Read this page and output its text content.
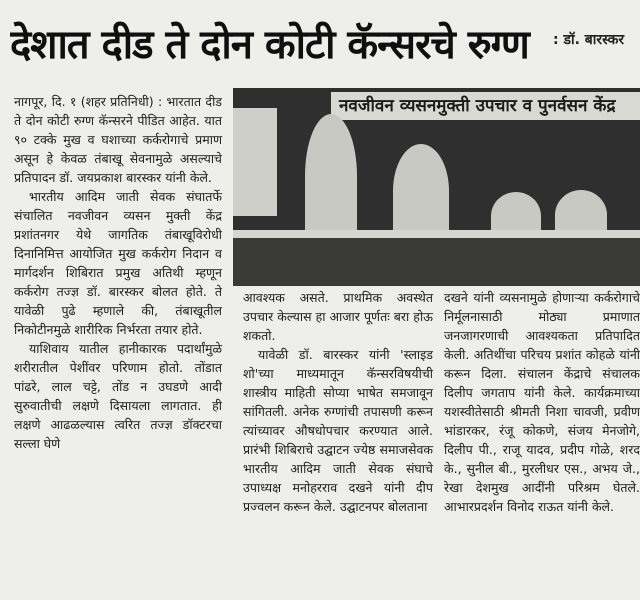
देशात दीड ते दोन कोटी कॅन्सरचे रुग्ण	: डॉ. बारस्कर

नागपूर, दि. १ (शहर प्रतिनिधी) : भारतात दीड ते दोन कोटी रुग्ण कॅन्सरने पीडित आहेत. यात ९० टक्के मुख व घशाच्या कर्करोगाचे प्रमाण असून हे केवळ तंबाखू सेवनामुळे असल्याचे प्रतिपादन डॉ. जयप्रकाश बारस्कर यांनी केले.

भारतीय आदिम जाती सेवक संघातर्फे संचालित नवजीवन व्यसन मुक्ती केंद्र प्रशांतनगर येथे जागतिक तंबाखूविरोधी दिनानिमित्त आयोजित मुख कर्करोग निदान व मार्गदर्शन शिबिरात प्रमुख अतिथी म्हणून कर्करोग तज्ज्ञ डॉ. बारस्कर बोलत होते. ते यावेळी पुढे म्हणाले की, तंबाखूतील निकोटीनमुळे शारीरिक निर्भरता तयार होते.

याशिवाय यातील हानीकारक पदार्थांमुळे शरीरातील पेशींवर परिणाम होतो. तोंडात पांढरे, लाल चट्टे, तोंड न उघडणे आदी सुरुवातीची लक्षणे दिसायला लागतात. ही लक्षणे आढळल्यास त्वरित तज्ज्ञ डॉक्टरचा सल्ला घेणे

नवजीवन व्यसनमुक्ती उपचार व पुनर्वसन केंद्र

आवश्यक असते. प्राथमिक अवस्थेत उपचार केल्यास हा आजार पूर्णतः बरा होऊ शकतो.

यावेळी डॉ. बारस्कर यांनी 'स्लाइड शो'च्या माध्यमातून कॅन्सरविषयीची शास्त्रीय माहिती सोप्या भाषेत समजावून सांगितली. अनेक रुग्णांची तपासणी करून त्यांच्यावर औषधोपचार करण्यात आले. प्रारंभी शिबिराचे उद्घाटन ज्येष्ठ समाजसेवक भारतीय आदिम जाती सेवक संघाचे उपाध्यक्ष मनोहरराव दखने यांनी दीप प्रज्वलन करून केले. उद्घाटनपर बोलताना

दखने यांनी व्यसनामुळे होणाऱ्या कर्करोगाचे निर्मूलनासाठी मोठ्या प्रमाणात जनजागरणाची आवश्यकता प्रतिपादित केली. अतिथींचा परिचय प्रशांत कोहळे यांनी करून दिला. संचालन केंद्राचे संचालक दिलीप जगताप यांनी केले. कार्यक्रमाच्या यशस्वीतेसाठी श्रीमती निशा चावजी, प्रवीण भांडारकर, रंजू कोकणे, संजय मेनजोगे, दिलीप पी., राजू यादव, प्रदीप गोळे, शरद के., सुनील बी., मुरलीधर एस., अभय जे., रेखा देशमुख आदींनी परिश्रम घेतले. आभारप्रदर्शन विनोद राऊत यांनी केले.
